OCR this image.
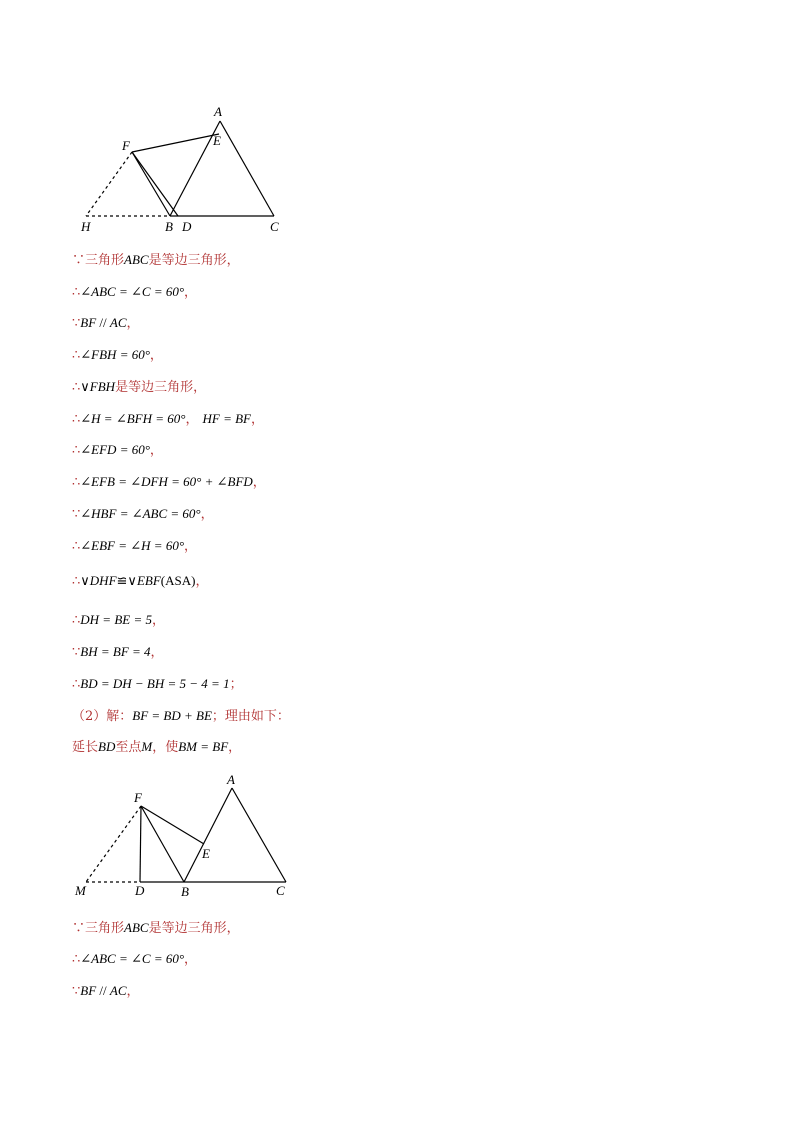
A
E
F
H	B D	C
∵三角形ABC是等边三角形，
∴∠ABC = ∠C = 60°，
∵BF // AC，
∴∠FBH = 60°，
∴∨FBH是等边三角形，
∴∠H = ∠BFH = 60°， HF = BF，
∴∠EFD = 60°，
∴∠EFB = ∠DFH = 60° + ∠BFD，
∵∠HBF = ∠ABC = 60°，
∴∠EBF = ∠H = 60°，
∴∨DHF≌∨EBF(ASA)，
∴DH = BE = 5，
∵BH = BF = 4，
∴BD = DH − BH = 5 − 4 = 1；
（2）解：BF = BD + BE；理由如下：
延长BD至点M，使BM = BF，
A
F
E
M	D	B	C
∵三角形ABC是等边三角形，
∴∠ABC = ∠C = 60°，
∵BF // AC，
